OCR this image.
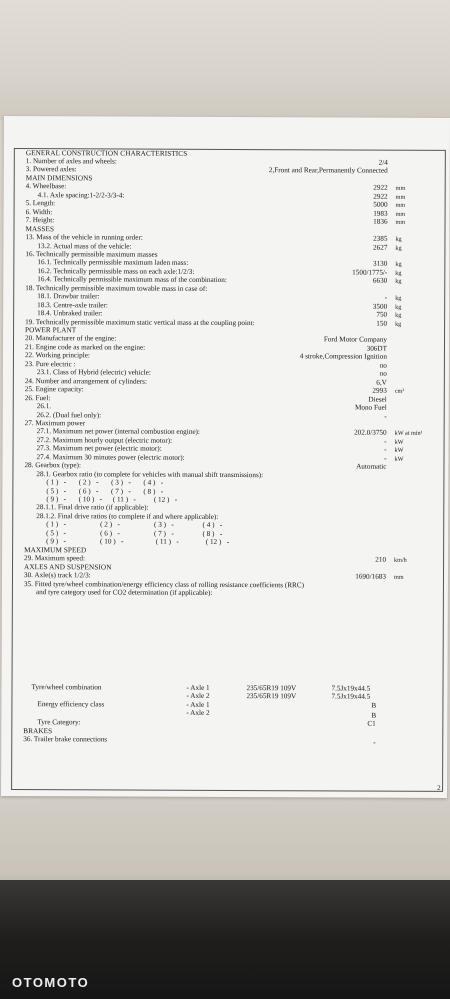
GENERAL CONSTRUCTION CHARACTERISTICS
1. Number of axles and wheels:	2/4
3. Powered axles:	2,Front and Rear,Permanently Connected
MAIN DIMENSIONS
4. Wheelbase:	2922 mm
4.1. Axle spacing:1-2/2-3/3-4:	2922 mm
5. Length:	5000 mm
6. Width:	1983 mm
7. Height:	1836 mm
MASSES
13. Mass of the vehicle in running order:	2385 kg
13.2. Actual mass of the vehicle:	2627 kg
16. Technically permissible maximum masses
16.1. Technically permissible maximum laden mass:	3130 kg
16.2. Technically permissible mass on each axle:1/2/3:	1500/1775/- kg
16.4. Technically permissible maximum mass of the combination:	6630 kg
18. Technically permissible maximum towable mass in case of:
18.1. Drawbar trailer:	- kg
18.3. Centre-axle trailer:	3500 kg
18.4. Unbraked trailer:	750 kg
19. Technically permissible maximum static vertical mass at the coupling point:	150 kg
POWER PLANT
20. Manufacturer of the engine:	Ford Motor Company
21. Engine code as marked on the engine:	306DT
22. Working principle:	4 stroke,Compression Ignition
23. Pure electric :	no
23.1. Class of Hybrid (electric) vehicle:	no
24. Number and arrangement of cylinders:	6,V
25. Engine capacity:	2993 cm³
26. Fuel:	Diesel
26.1.	Mono Fuel
26.2. (Dual fuel only):	-
27. Maximum power
27.1. Maximum net power (internal combustion engine):	202.0/3750 kW at min¹
27.2. Maximum hourly output (electric motor):	- kW
27.3. Maximum net power (electric motor):	- kW
27.4. Maximum 30 minutes power (electric motor):	- kW
28. Gearbox (type):	Automatic
28.1. Gearbox ratio (to complete for vehicles with manual shift transmissions):
( 1 )   -       ( 2 )   -       ( 3 )   -       ( 4 )   -
( 5 )   -       ( 6 )   -       ( 7 )   -       ( 8 )   -
( 9 )   -       ( 10 )   -      ( 11 )   -          ( 12 )   -
28.1.1. Final drive ratio (if applicable):
28.1.2. Final drive ratios (to complete if and where applicable):
( 1 )   -                   ( 2 )   -                   ( 3 )   -                ( 4 )   -
( 5 )   -                   ( 6 )   -                   ( 7 )   -                ( 8 )   -
( 9 )   -                   ( 10 )   -                  ( 11 )   -               ( 12 )   -
MAXIMUM SPEED
29. Maximum speed:	210 km/h
AXLES AND SUSPENSION
30. Axle(s) track 1/2/3:	1690/1683 mm
35. Fitted tyre/wheel combination/energy efficiency class of rolling resistance coefficients (RRC)
and tyre category used for CO2 determination (if applicable):
Tyre/wheel combination	- Axle 1	235/65R19 109V	7.5Jx19x44.5
- Axle 2	235/65R19 109V	7.5Jx19x44.5
Energy efficiency class	- Axle 1	B
- Axle 2	B
Tyre Category:	C1
BRAKES
36. Trailer brake connections	-
2
OTOMOTO
